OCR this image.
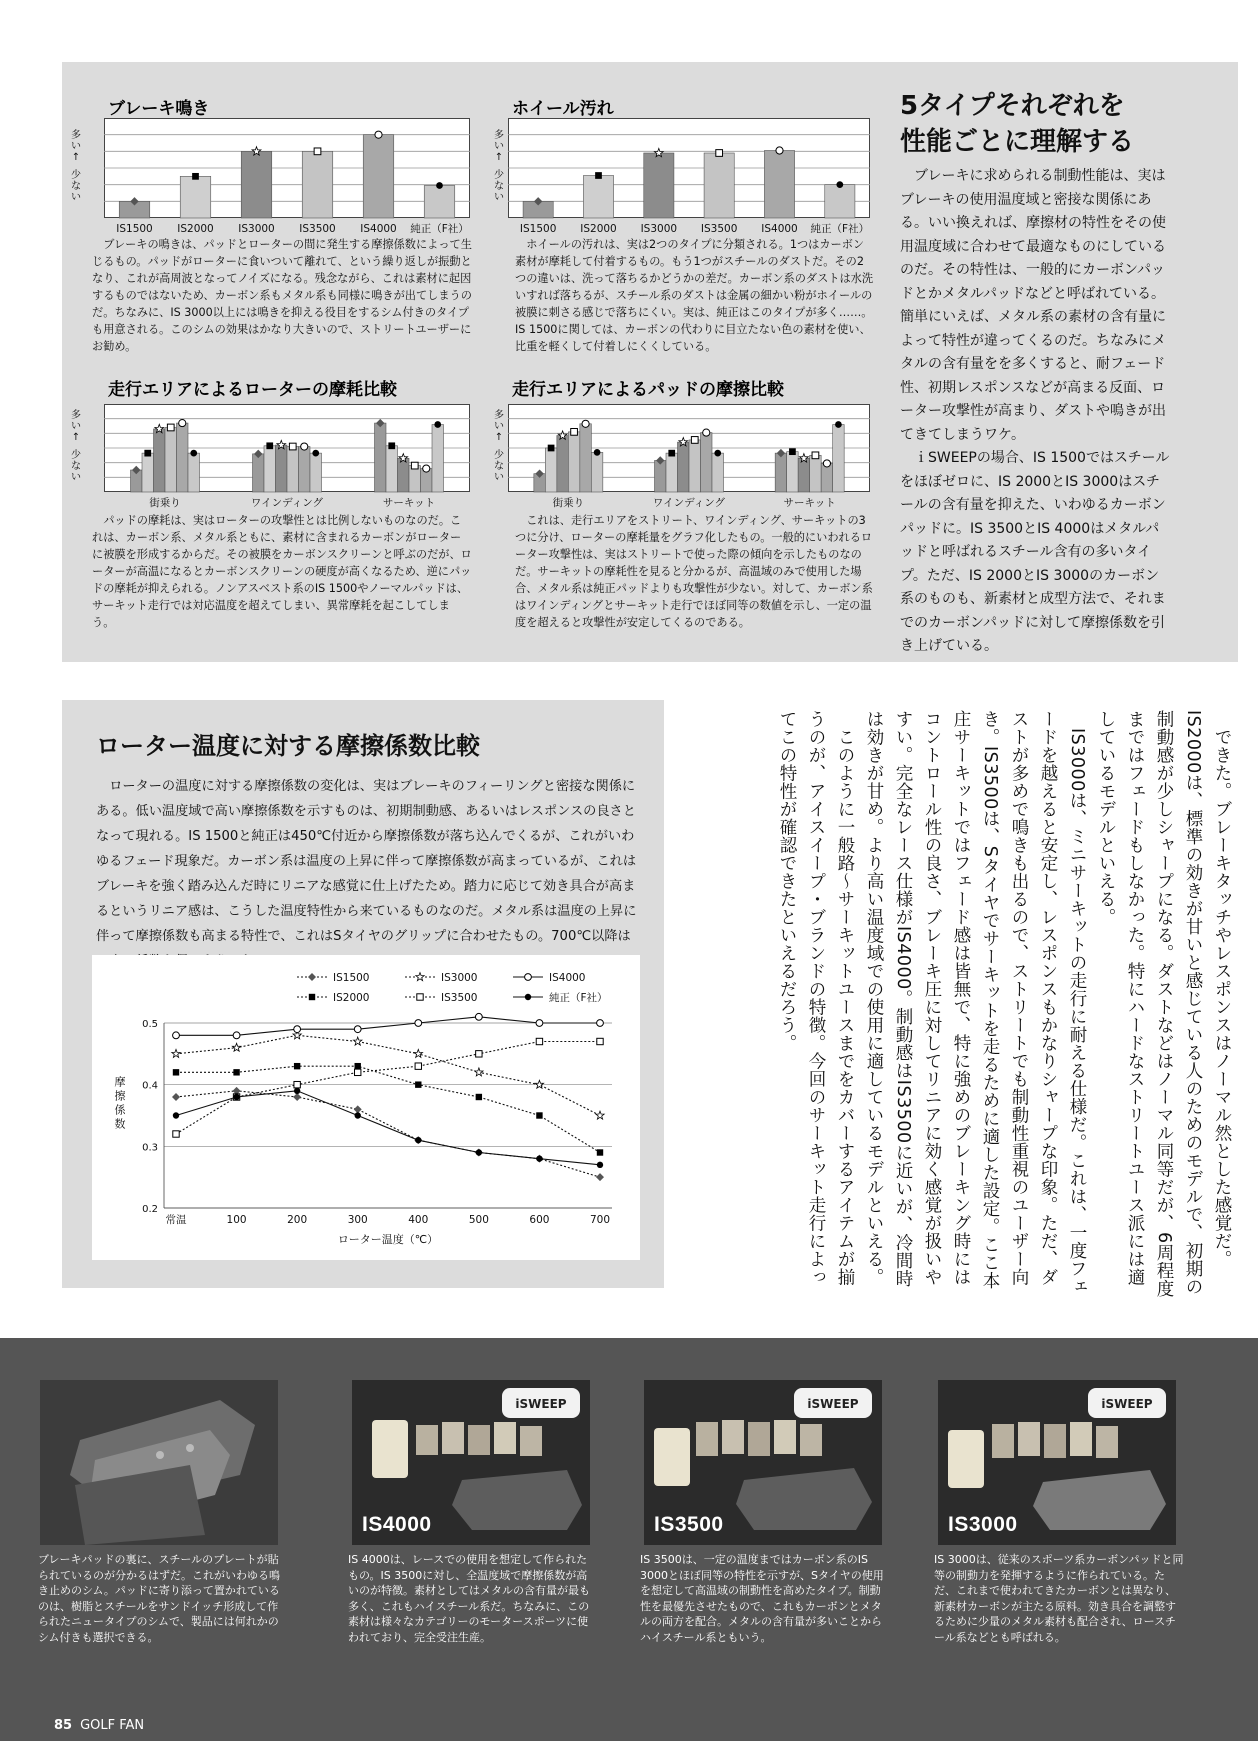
ブレーキ鳴き
多い↑
少ない
IS1500 IS2000 IS3000 IS3500 IS4000 純正（F社）

ブレーキの鳴きは、パッドとローターの間に発生する摩擦係数によって生じるもの。パッドがローターに食いついて離れて、という繰り返しが振動となり、これが高周波となってノイズになる。残念ながら、これは素材に起因するものではないため、カーボン系もメタル系も同様に鳴きが出てしまうのだ。ちなみに、IS 3000以上には鳴きを抑える役目をするシム付きのタイプも用意される。このシムの効果はかなり大きいので、ストリートユーザーにお勧め。

ホイール汚れ
多い↑
少ない
IS1500 IS2000 IS3000 IS3500 IS4000 純正（F社）

ホイールの汚れは、実は2つのタイプに分類される。1つはカーボン素材が摩耗して付着するもの。もう1つがスチールのダストだ。その2つの違いは、洗って落ちるかどうかの差だ。カーボン系のダストは水洗いすれば落ちるが、スチール系のダストは金属の細かい粉がホイールの被膜に刺さる感じで落ちにくい。実は、純正はこのタイプが多く……。IS 1500に関しては、カーボンの代わりに目立たない色の素材を使い、比重を軽くして付着しにくくしている。

走行エリアによるローターの摩耗比較
多い↑
少ない
街乗り	ワインディング	サーキット

パッドの摩耗は、実はローターの攻撃性とは比例しないものなのだ。これは、カーボン系、メタル系ともに、素材に含まれるカーボンがローターに被膜を形成するからだ。その被膜をカーボンスクリーンと呼ぶのだが、ローターが高温になるとカーボンスクリーンの硬度が高くなるため、逆にパッドの摩耗が抑えられる。ノンアスベスト系のIS 1500やノーマルパッドは、サーキット走行では対応温度を超えてしまい、異常摩耗を起こしてしまう。

走行エリアによるパッドの摩擦比較
多い↑
少ない
街乗り	ワインディング	サーキット

これは、走行エリアをストリート、ワインディング、サーキットの3つに分け、ローターの摩耗量をグラフ化したもの。一般的にいわれるローター攻撃性は、実はストリートで使った際の傾向を示したものなのだ。サーキットの摩耗性を見ると分かるが、高温域のみで使用した場合、メタル系は純正パッドよりも攻撃性が少ない。対して、カーボン系はワインディングとサーキット走行でほぼ同等の数値を示し、一定の温度を超えると攻撃性が安定してくるのである。

5タイプそれぞれを
性能ごとに理解する

ブレーキに求められる制動性能は、実はブレーキの使用温度域と密接な関係にある。いい換えれば、摩擦材の特性をその使用温度域に合わせて最適なものにしているのだ。その特性は、一般的にカーボンパッドとかメタルパッドなどと呼ばれている。簡単にいえば、メタル系の素材の含有量によって特性が違ってくるのだ。ちなみにメタルの含有量をを多くすると、耐フェード性、初期レスポンスなどが高まる反面、ローター攻撃性が高まり、ダストや鳴きが出てきてしまうワケ。

ｉSWEEPの場合、IS 1500ではスチールをほぼゼロに、IS 2000とIS 3000はスチールの含有量を抑えた、いわゆるカーボンパッドに。IS 3500とIS 4000はメタルパッドと呼ばれるスチール含有の多いタイプ。ただ、IS 2000とIS 3000のカーボン系のものも、新素材と成型方法で、それまでのカーボンパッドに対して摩擦係数を引き上げている。

ローター温度に対する摩擦係数比較

ローターの温度に対する摩擦係数の変化は、実はブレーキのフィーリングと密接な関係にある。低い温度域で高い摩擦係数を示すものは、初期制動感、あるいはレスポンスの良さとなって現れる。IS 1500と純正は450℃付近から摩擦係数が落ち込んでくるが、これがいわゆるフェード現象だ。カーボン系は温度の上昇に伴って摩擦係数が高まっているが、これはブレーキを強く踏み込んだ時にリニアな感覚に仕上げたため。踏力に応じて効き具合が高まるというリニア感は、こうした温度特性から来ているものなのだ。メタル系は温度の上昇に伴って摩擦係数も高まる特性で、これはSタイヤのグリップに合わせたもの。700℃以降は

0.2
0.3
0.4
0.5
常温	100	200	300	400	500	600	700
ローター温度（℃）
摩擦係数
IS1500	IS3000	IS4000
IS2000	IS3500	純正（F社）	できた。ブレーキタッチやレスポンスはノーマル然とした感覚だ。IS2000は、標準の効きが甘いと感じている人のためのモデルで、初期の制動感が少しシャープになる。ダストなどはノーマル同等だが、6周程度まではフェードもしなかった。特にハードなストリートユース派には適しているモデルといえる。

IS3000は、ミニサーキットの走行に耐える仕様だ。これは、一度フェードを越えると安定し、レスポンスもかなりシャープな印象。ただ、ダストが多めで鳴きも出るので、ストリートでも制動性重視のユーザー向き。IS3500は、Sタイヤでサーキットを走るために適した設定。ここ本庄サーキットではフェード感は皆無で、特に強めのブレーキング時にはコントロール性の良さ、ブレーキ圧に対してリニアに効く感覚が扱いやすい。完全なレース仕様がIS4000。制動感はIS3500に近いが、冷間時は効きが甘め。より高い温度域での使用に適しているモデルといえる。

このように一般路〜サーキットユースまでをカバーするアイテムが揃うのが、アイスイープ・ブランドの特徴。今回のサーキット走行によってこの特性が確認できたといえるだろう。

ブレーキパッドの裏に、スチールのプレートが貼られているのが分かるはずだ。これがいわゆる鳴き止めのシム。パッドに寄り添って置かれているのは、樹脂とスチールをサンドイッチ形成して作られたニュータイプのシムで、製品には何れかのシム付きも選択できる。
iSWEEP
IS4000
IS 4000は、レースでの使用を想定して作られたもの。IS 3500に対し、全温度域で摩擦係数が高いのが特徴。素材としてはメタルの含有量が最も多く、これもハイスチール系だ。ちなみに、この素材は様々なカテゴリーのモータースポーツに使われており、完全受注生産。
iSWEEP
IS3500
IS 3500は、一定の温度まではカーボン系のIS 3000とほぼ同等の特性を示すが、Sタイヤの使用を想定して高温域の制動性を高めたタイプ。制動性を最優先させたもので、これもカーボンとメタルの両方を配合。メタルの含有量が多いことからハイスチール系ともいう。
iSWEEP
IS3000
IS 3000は、従来のスポーツ系カーボンパッドと同等の制動力を発揮するように作られている。ただ、これまで使われてきたカーボンとは異なり、新素材カーボンが主たる原料。効き具合を調整するために少量のメタル素材も配合され、ロースチール系などとも呼ばれる。
85 GOLF FAN
